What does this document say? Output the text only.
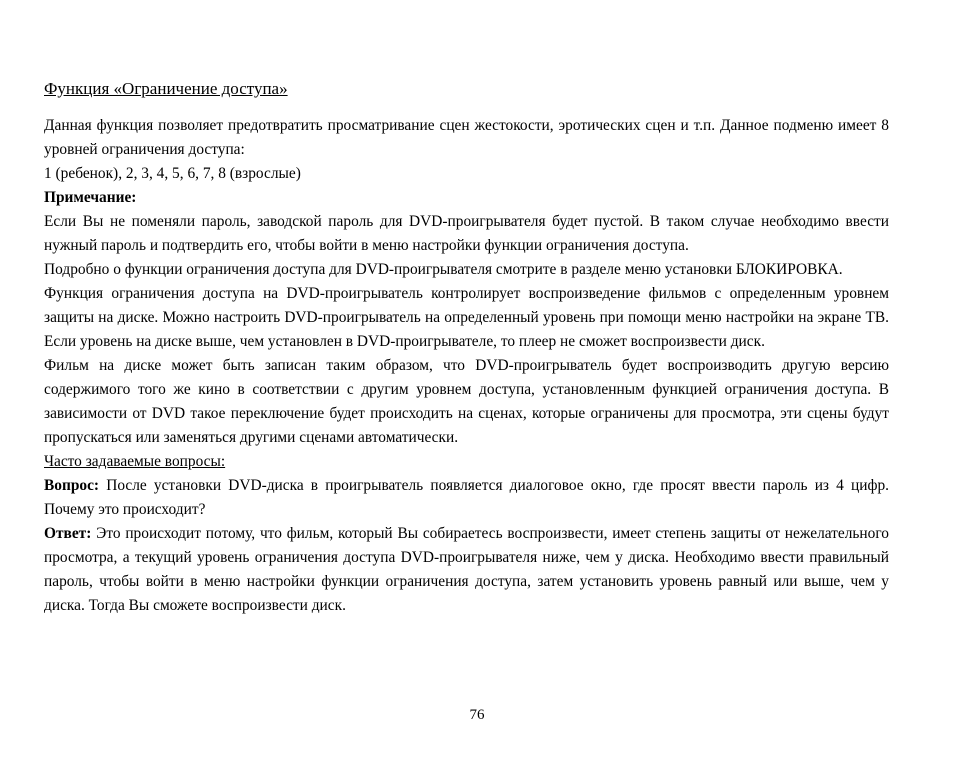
Функция «Ограничение доступа»

Данная функция позволяет предотвратить просматривание сцен жестокости, эротических сцен и т.п. Данное подменю имеет 8 уровней ограничения доступа:

1 (ребенок), 2, 3, 4, 5, 6, 7, 8 (взрослые)

Примечание:

Если Вы не поменяли пароль, заводской пароль для DVD-проигрывателя будет пустой. В таком случае необходимо ввести нужный пароль и подтвердить его, чтобы войти в меню настройки функции ограничения доступа.

Подробно о функции ограничения доступа для DVD-проигрывателя смотрите в разделе меню установки БЛОКИРОВКА.

Функция ограничения доступа на DVD-проигрыватель контролирует воспроизведение фильмов с определенным уровнем защиты на диске. Можно настроить DVD-проигрыватель на определенный уровень при помощи меню настройки на экране ТВ. Если уровень на диске выше, чем установлен в DVD-проигрывателе, то плеер не сможет воспроизвести диск.

Фильм на диске может быть записан таким образом, что DVD-проигрыватель будет воспроизводить другую версию содержимого того же кино в соответствии с другим уровнем доступа, установленным функцией ограничения доступа. В зависимости от DVD такое переключение будет происходить на сценах, которые ограничены для просмотра, эти сцены будут пропускаться или заменяться другими сценами автоматически.

Часто задаваемые вопросы:

Вопрос: После установки DVD-диска в проигрыватель появляется диалоговое окно, где просят ввести пароль из 4 цифр. Почему это происходит?

Ответ: Это происходит потому, что фильм, который Вы собираетесь воспроизвести, имеет степень защиты от нежелательного просмотра, а текущий уровень ограничения доступа DVD-проигрывателя ниже, чем у диска. Необходимо ввести правильный пароль, чтобы войти в меню настройки функции ограничения доступа, затем установить уровень равный или выше, чем у диска. Тогда Вы сможете воспроизвести диск.

76
